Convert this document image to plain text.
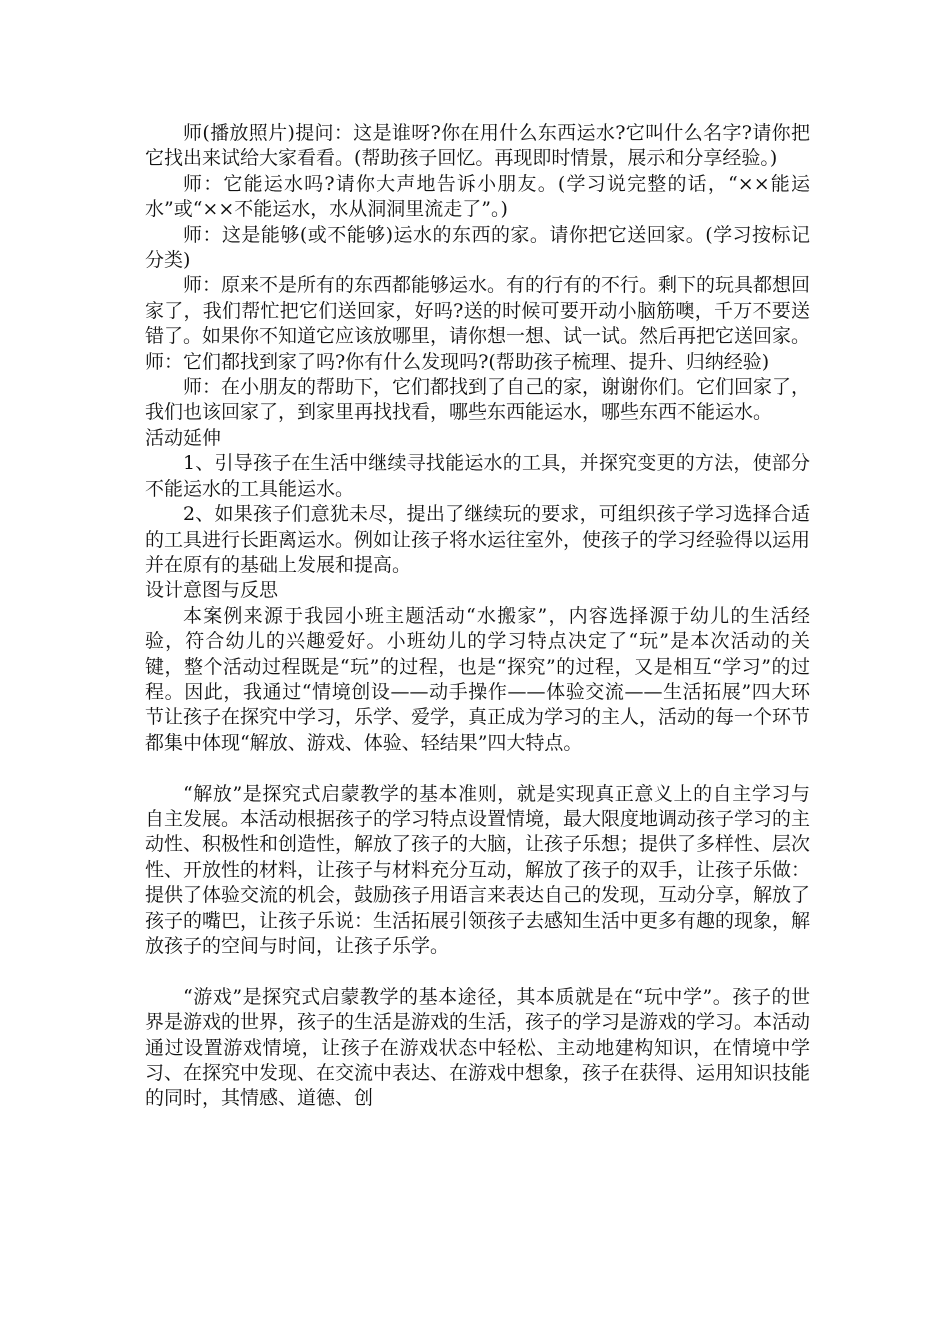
师(播放照片)提问：这是谁呀?你在用什么东西运水?它叫什么名字?请你把它找出来试给大家看看。(帮助孩子回忆。再现即时情景，展示和分享经验。)

师：它能运水吗?请你大声地告诉小朋友。(学习说完整的话，“××能运水”或“××不能运水，水从洞洞里流走了”。)

师：这是能够(或不能够)运水的东西的家。请你把它送回家。(学习按标记分类)

师：原来不是所有的东西都能够运水。有的行有的不行。剩下的玩具都想回家了，我们帮忙把它们送回家，好吗?送的时候可要开动小脑筋噢，千万不要送错了。如果你不知道它应该放哪里，请你想一想、试一试。然后再把它送回家。 师：它们都找到家了吗?你有什么发现吗?(帮助孩子梳理、提升、归纳经验)

师：在小朋友的帮助下，它们都找到了自己的家，谢谢你们。它们回家了，我们也该回家了，到家里再找找看，哪些东西能运水，哪些东西不能运水。

活动延伸

1、引导孩子在生活中继续寻找能运水的工具，并探究变更的方法，使部分不能运水的工具能运水。

2、如果孩子们意犹未尽，提出了继续玩的要求，可组织孩子学习选择合适的工具进行长距离运水。例如让孩子将水运往室外，使孩子的学习经验得以运用并在原有的基础上发展和提高。

设计意图与反思

本案例来源于我园小班主题活动“水搬家”，内容选择源于幼儿的生活经验，符合幼儿的兴趣爱好。小班幼儿的学习特点决定了“玩”是本次活动的关键，整个活动过程既是“玩”的过程，也是“探究”的过程，又是相互“学习”的过程。因此，我通过“情境创设——动手操作——体验交流——生活拓展”四大环节让孩子在探究中学习，乐学、爱学，真正成为学习的主人，活动的每一个环节都集中体现“解放、游戏、体验、轻结果”四大特点。

“解放”是探究式启蒙教学的基本准则，就是实现真正意义上的自主学习与自主发展。本活动根据孩子的学习特点设置情境，最大限度地调动孩子学习的主动性、积极性和创造性，解放了孩子的大脑，让孩子乐想；提供了多样性、层次性、开放性的材料，让孩子与材料充分互动，解放了孩子的双手，让孩子乐做：提供了体验交流的机会，鼓励孩子用语言来表达自己的发现，互动分享，解放了孩子的嘴巴，让孩子乐说：生活拓展引领孩子去感知生活中更多有趣的现象，解放孩子的空间与时间，让孩子乐学。

“游戏”是探究式启蒙教学的基本途径，其本质就是在“玩中学”。孩子的世界是游戏的世界，孩子的生活是游戏的生活，孩子的学习是游戏的学习。本活动通过设置游戏情境，让孩子在游戏状态中轻松、主动地建构知识，在情境中学习、在探究中发现、在交流中表达、在游戏中想象，孩子在获得、运用知识技能的同时，其情感、道德、创
